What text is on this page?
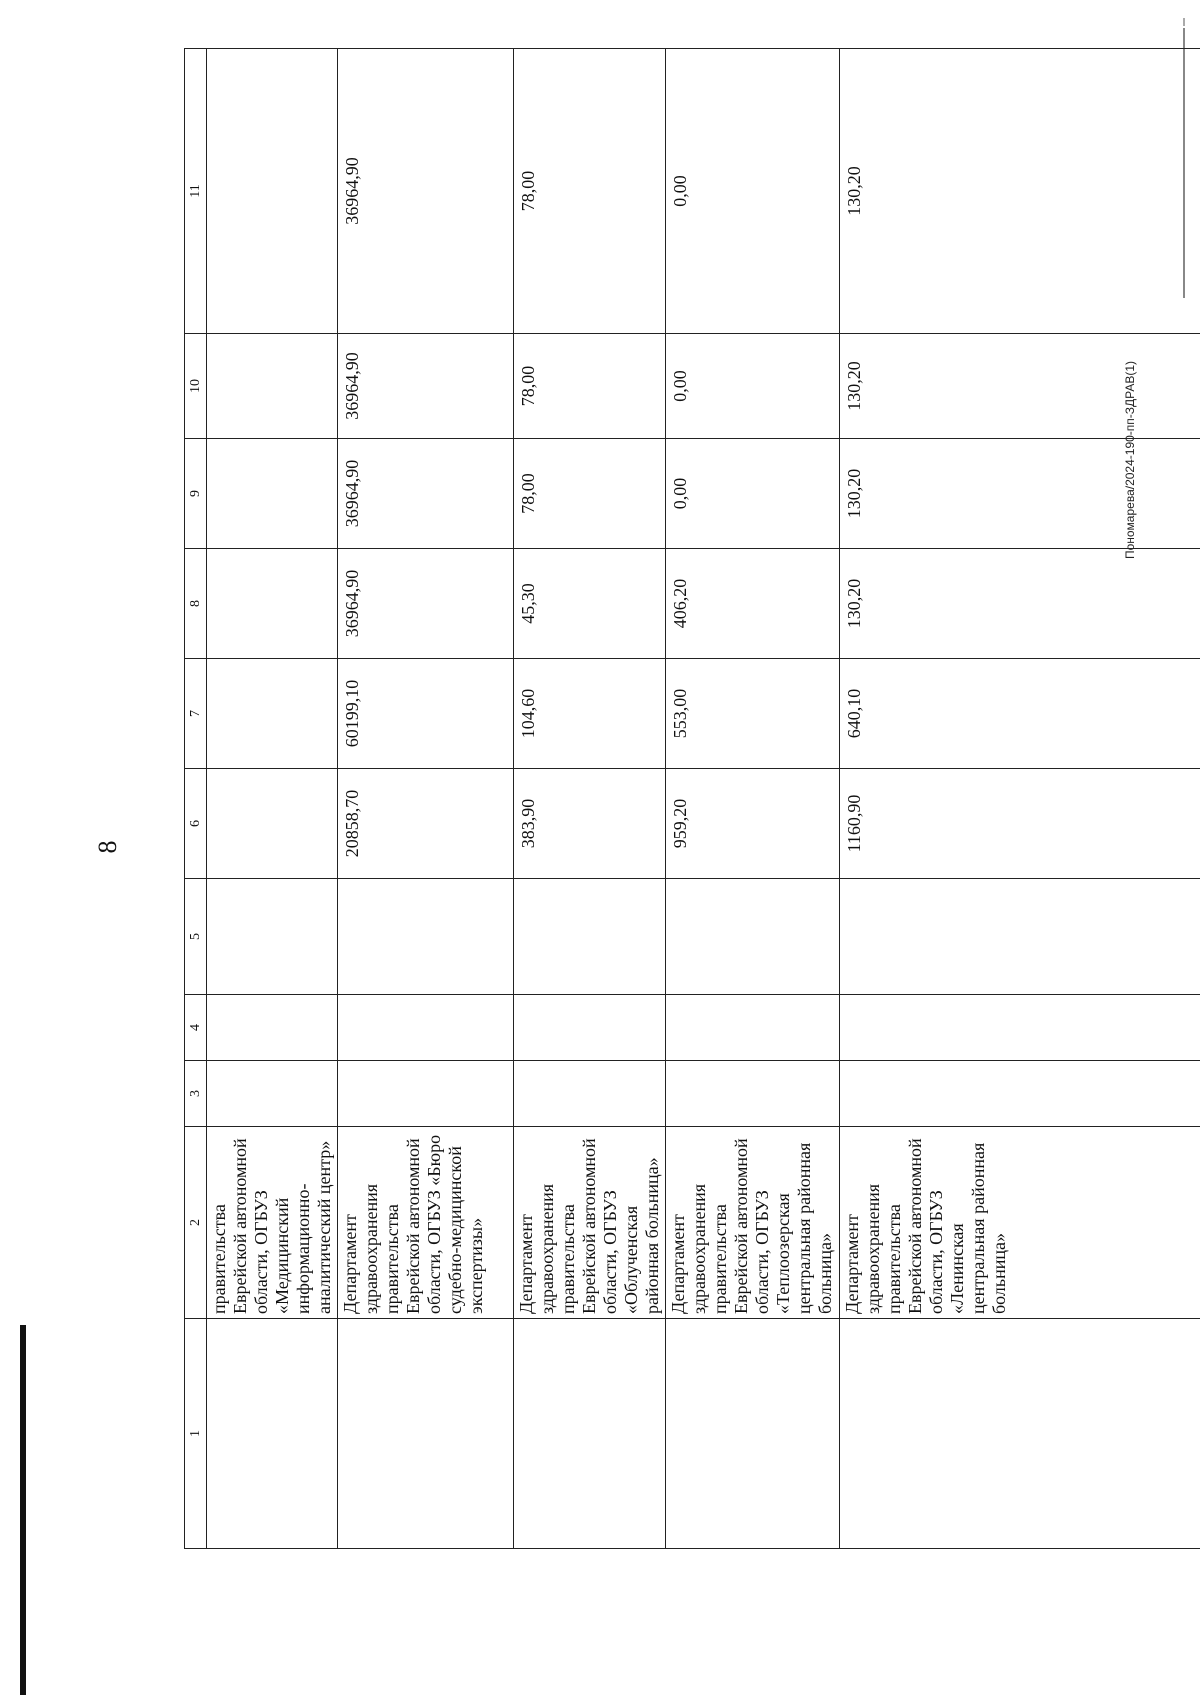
8
Пономарева/2024-190-пп-ЗДРАВ(1)
1	2	3	4	5	6	7	8	9	10	11
	правительства Еврейской автономной области, ОГБУЗ «Медицинский информационно-аналитический центр»									
	Департамент здравоохранения правительства Еврейской автономной области, ОГБУЗ «Бюро судебно-медицинской экспертизы»				20858,70	60199,10	36964,90	36964,90	36964,90	36964,90
	Департамент здравоохранения правительства Еврейской автономной области, ОГБУЗ «Облученская районная больница»				383,90	104,60	45,30	78,00	78,00	78,00
	Департамент здравоохранения правительства Еврейской автономной области, ОГБУЗ «Теплоозерская центральная районная больница»				959,20	553,00	406,20	0,00	0,00	0,00
	Департамент здравоохранения правительства Еврейской автономной области, ОГБУЗ «Ленинская центральная районная больница»				1160,90	640,10	130,20	130,20	130,20	130,20
